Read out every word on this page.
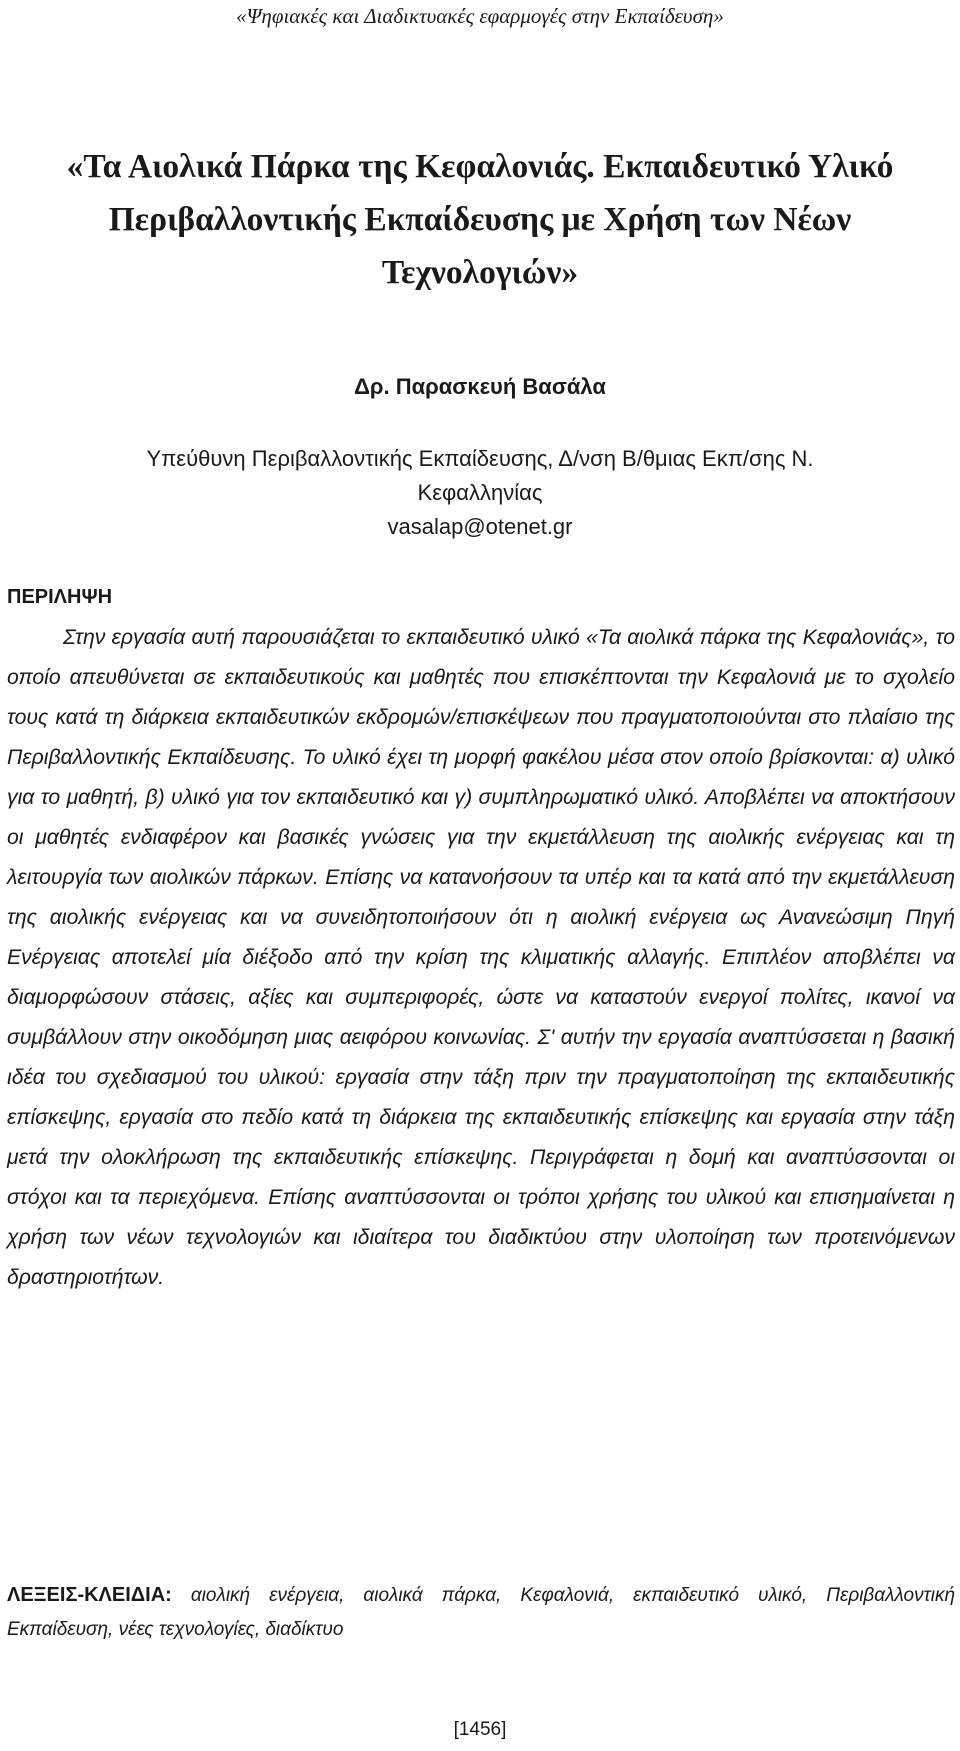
«Ψηφιακές και Διαδικτυακές εφαρμογές στην Εκπαίδευση»
«Τα Αιολικά Πάρκα της Κεφαλονιάς. Εκπαιδευτικό Υλικό Περιβαλλοντικής Εκπαίδευσης με Χρήση των Νέων Τεχνολογιών»
Δρ. Παρασκευή Βασάλα
Υπεύθυνη Περιβαλλοντικής Εκπαίδευσης, Δ/νση Β/θμιας Εκπ/σης Ν. Κεφαλληνίας
vasalap@otenet.gr
ΠΕΡΙΛΗΨΗ

Στην εργασία αυτή παρουσιάζεται το εκπαιδευτικό υλικό «Τα αιολικά πάρκα της Κεφαλονιάς», το οποίο απευθύνεται σε εκπαιδευτικούς και μαθητές που επισκέπτονται την Κεφαλονιά με το σχολείο τους κατά τη διάρκεια εκπαιδευτικών εκδρομών/επισκέψεων που πραγματοποιούνται στο πλαίσιο της Περιβαλλοντικής Εκπαίδευσης. Το υλικό έχει τη μορφή φακέλου μέσα στον οποίο βρίσκονται: α) υλικό για το μαθητή, β) υλικό για τον εκπαιδευτικό και γ) συμπληρωματικό υλικό. Αποβλέπει να αποκτήσουν οι μαθητές ενδιαφέρον και βασικές γνώσεις για την εκμετάλλευση της αιολικής ενέργειας και τη λειτουργία των αιολικών πάρκων. Επίσης να κατανοήσουν τα υπέρ και τα κατά από την εκμετάλλευση της αιολικής ενέργειας και να συνειδητοποιήσουν ότι η αιολική ενέργεια ως Ανανεώσιμη Πηγή Ενέργειας αποτελεί μία διέξοδο από την κρίση της κλιματικής αλλαγής. Επιπλέον αποβλέπει να διαμορφώσουν στάσεις, αξίες και συμπεριφορές, ώστε να καταστούν ενεργοί πολίτες, ικανοί να συμβάλλουν στην οικοδόμηση μιας αειφόρου κοινωνίας. Σ' αυτήν την εργασία αναπτύσσεται η βασική ιδέα του σχεδιασμού του υλικού: εργασία στην τάξη πριν την πραγματοποίηση της εκπαιδευτικής επίσκεψης, εργασία στο πεδίο κατά τη διάρκεια της εκπαιδευτικής επίσκεψης και εργασία στην τάξη μετά την ολοκλήρωση της εκπαιδευτικής επίσκεψης. Περιγράφεται η δομή και αναπτύσσονται οι στόχοι και τα περιεχόμενα. Επίσης αναπτύσσονται οι τρόποι χρήσης του υλικού και επισημαίνεται η χρήση των νέων τεχνολογιών και ιδιαίτερα του διαδικτύου στην υλοποίηση των προτεινόμενων δραστηριοτήτων.

ΛΕΞΕΙΣ-ΚΛΕΙΔΙΑ: αιολική ενέργεια, αιολικά πάρκα, Κεφαλονιά, εκπαιδευτικό υλικό, Περιβαλλοντική Εκπαίδευση, νέες τεχνολογίες, διαδίκτυο

[1456]
